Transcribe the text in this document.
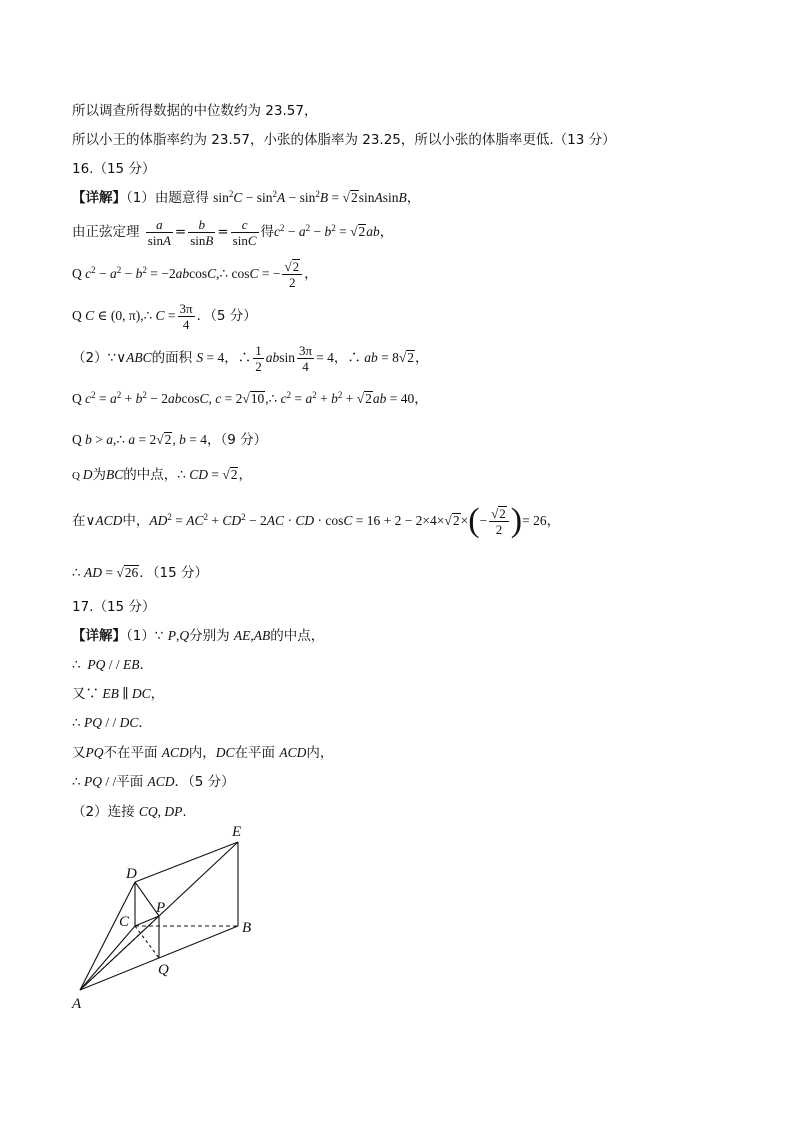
所以调查所得数据的中位数约为 23.57，
所以小王的体脂率约为 23.57，小张的体脂率为 23.25，所以小张的体脂率更低.（13 分）
16.（15 分）
【详解】（1）由题意得 $\sin^2C - \sin^2A - \sin^2B$ = √2sinAsinB，
由正弦定理 $\frac{a}{\sin A} = \frac{b}{\sin B} = \frac{c}{\sin C}$ 得$c^2 - a^2 - b^2 = √2ab$，
Q $c^2 - a^2 - b^2$ = −2abcosC,∴ cosC = − $\frac{√2}{2}$ ，
Q C ∈ (0, π),∴ $C = \frac{3\pi}{4}$ ．（5 分）
（2）∵∨ABC的面积 S = 4，∴ $\frac{1}{2}$ absin $\frac{3\pi}{4} = 4$，∴ ab = 8√2，
Q $c^2 = a^2 + b^2 - 2abcosC$, c = 2√10,∴ $c^2 = a^2 + b^2 + √2ab = 40$，
Q b > a,∴ a = 2√2, b = 4，（9 分）
Q D为BC的中点，∴ CD = √2，
在∨ACD中，$AD^2 = AC^2 + CD^2 - 2AC$ · CD · $\cos C = 16 + 2 - 2\times 4\times√2\times(- \frac{√2}{2}$ )= 26，
∴ AD = √26．（15 分）
17.（15 分）
【详解】（1）∵ P,Q分别为 AE,AB的中点，
∴  PQ / / EB．
又∵ EB ∥ DC，
∴ PQ / / DC．
又PQ不在平面 ACD内，DC在平面 ACD内，
∴ PQ / /平面 ACD．（5 分）
（2）连接 CQ, DP.
A
B
C
D
E
P
Q
